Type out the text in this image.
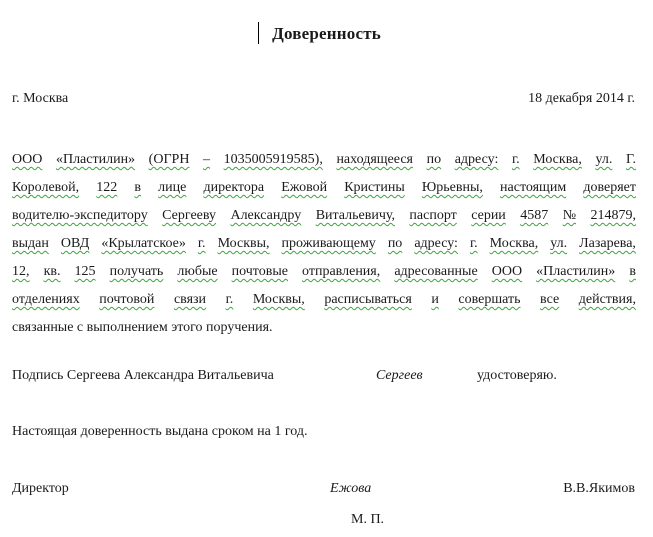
Доверенность
г. Москва	18 декабря 2014 г.
ООО «Пластилин» (ОГРН – 1035005919585), находящееся по адресу: г. Москва, ул. Г.
Королевой, 122 в лице директора Ежовой Кристины Юрьевны, настоящим доверяет
водителю-экспедитору Сергееву Александру Витальевичу, паспорт серии 4587 № 214879,
выдан ОВД «Крылатское» г. Москвы, проживающему по адресу: г. Москва, ул. Лазарева,
12, кв. 125 получать любые почтовые отправления, адресованные ООО «Пластилин» в
отделениях почтовой связи г. Москвы, расписываться и совершать все действия,
связанные с выполнением этого поручения.
Подпись Сергеева Александра Витальевича	Сергеев	удостоверяю.
Настоящая доверенность выдана сроком на 1 год.
Директор	Ежова	В.В.Якимов
М. П.
